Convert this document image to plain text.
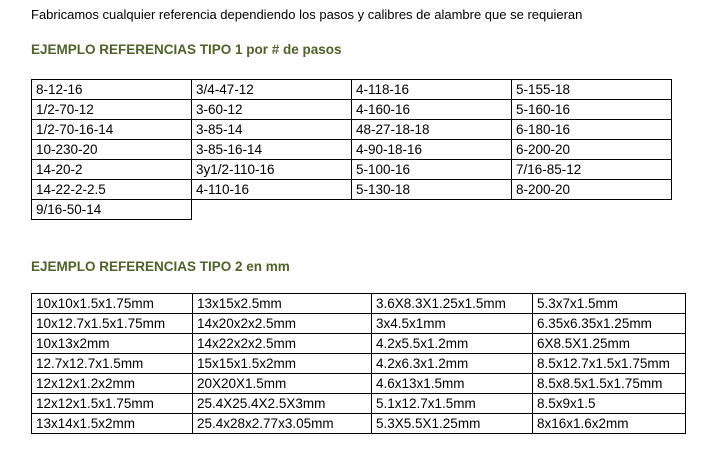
Fabricamos cualquier referencia dependiendo los pasos y calibres de alambre que se requieran
EJEMPLO REFERENCIAS TIPO 1 por # de pasos
8-12-16	3/4-47-12	4-118-16	5-155-18
1/2-70-12	3-60-12	4-160-16	5-160-16
1/2-70-16-14	3-85-14	48-27-18-18	6-180-16
10-230-20	3-85-16-14	4-90-18-16	6-200-20
14-20-2	3y1/2-110-16	5-100-16	7/16-85-12
14-22-2-2.5	4-110-16	5-130-18	8-200-20
9/16-50-14			
EJEMPLO REFERENCIAS TIPO 2 en mm
10x10x1.5x1.75mm	13x15x2.5mm	3.6X8.3X1.25x1.5mm	5.3x7x1.5mm
10x12.7x1.5x1.75mm	14x20x2x2.5mm	3x4.5x1mm	6.35x6.35x1.25mm
10x13x2mm	14x22x2x2.5mm	4.2x5.5x1.2mm	6X8.5X1.25mm
12.7x12.7x1.5mm	15x15x1.5x2mm	4.2x6.3x1.2mm	8.5x12.7x1.5x1.75mm
12x12x1.2x2mm	20X20X1.5mm	4.6x13x1.5mm	8.5x8.5x1.5x1.75mm
12x12x1.5x1.75mm	25.4X25.4X2.5X3mm	5.1x12.7x1.5mm	8.5x9x1.5
13x14x1.5x2mm	25.4x28x2.77x3.05mm	5.3X5.5X1.25mm	8x16x1.6x2mm
